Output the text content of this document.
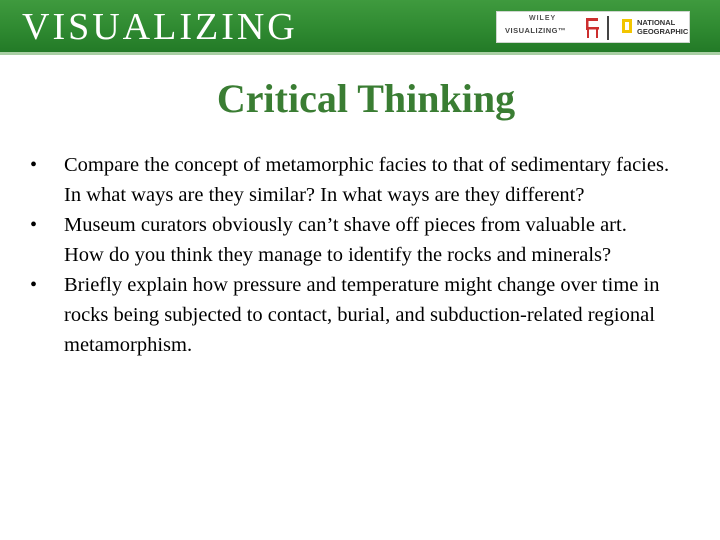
VISUALIZING	WILEY
VISUALIZING™
NATIONAL
GEOGRAPHIC
Critical Thinking
•	Compare the concept of metamorphic facies to that of sedimentary facies. In what ways are they similar? In what ways are they different?
•	Museum curators obviously can’t shave off pieces from valuable art. How do you think they manage to identify the rocks and minerals?
•	Briefly explain how pressure and temperature might change over time in rocks being subjected to contact, burial, and subduction-related regional metamorphism.
